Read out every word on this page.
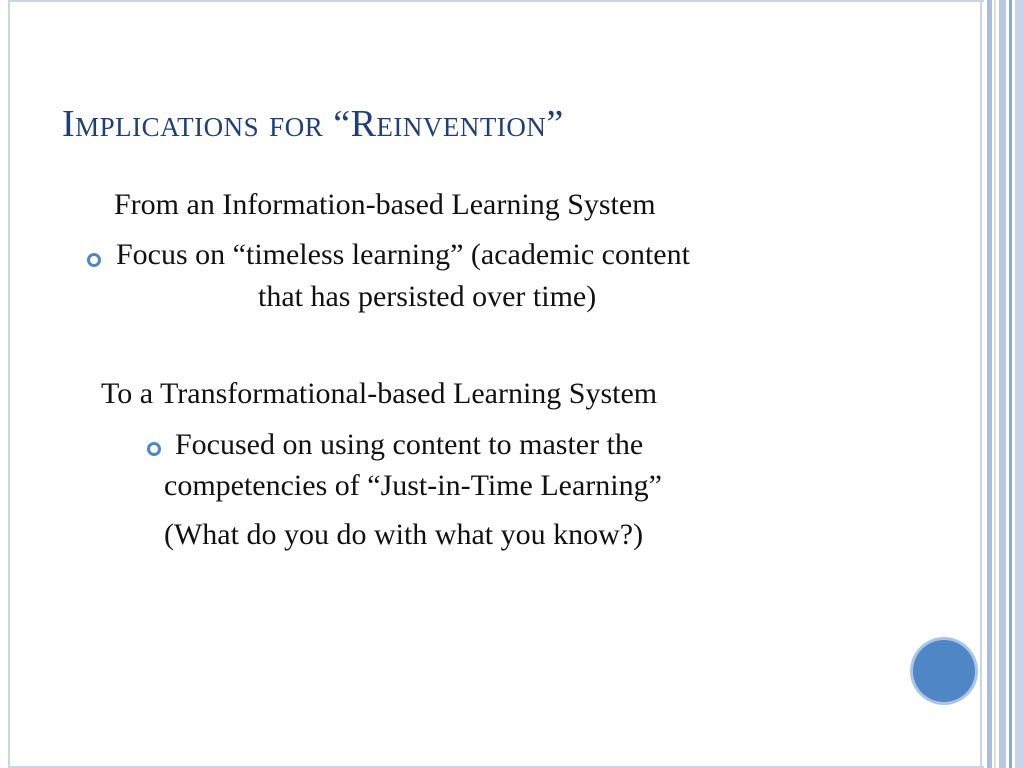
Implications for “Reinvention”
From an Information-based Learning System
Focus on “timeless learning” (academic content
that has persisted over time)
To a Transformational-based Learning System
Focused on using content to master the
competencies of “Just-in-Time Learning”
(What do you do with what you know?)
